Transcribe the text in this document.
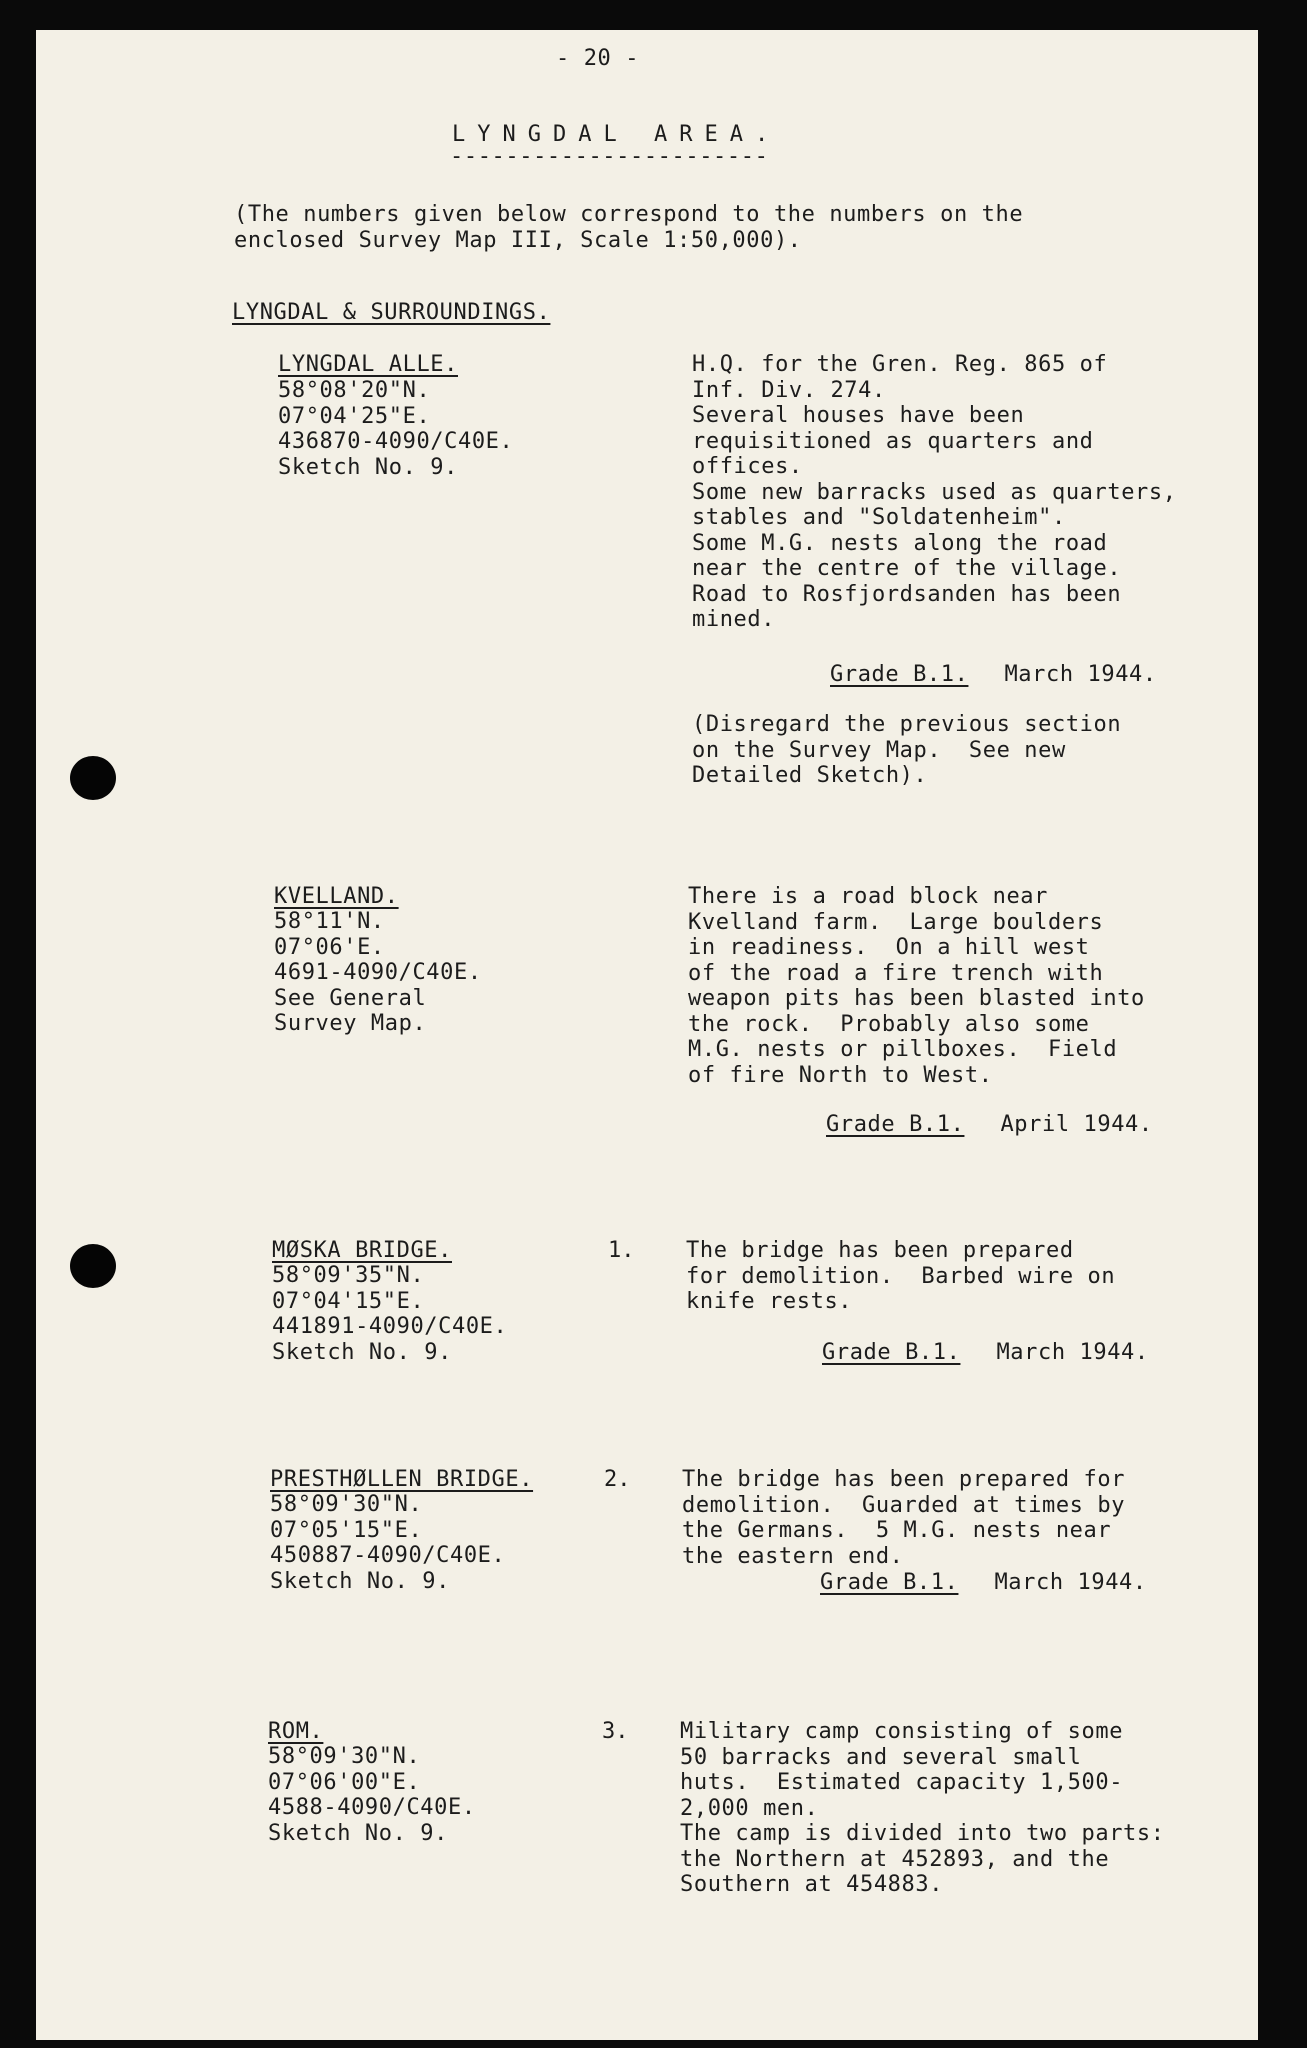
- 20 -
LYNGDAL AREA.
-----------------------
(The numbers given below correspond to the numbers on the
enclosed Survey Map III, Scale 1:50,000).
LYNGDAL & SURROUNDINGS.
LYNGDAL ALLE.
58°08'20"N.
07°04'25"E.
436870-4090/C40E.
Sketch No. 9.
H.Q. for the Gren. Reg. 865 of
Inf. Div. 274.
Several houses have been
requisitioned as quarters and
offices.
Some new barracks used as quarters,
stables and "Soldatenheim".
Some M.G. nests along the road
near the centre of the village.
Road to Rosfjordsanden has been
mined.
Grade B.1. March 1944.
(Disregard the previous section
on the Survey Map.  See new
Detailed Sketch).
KVELLAND.
58°11'N.
07°06'E.
4691-4090/C40E.
See General
Survey Map.
There is a road block near
Kvelland farm.  Large boulders
in readiness.  On a hill west
of the road a fire trench with
weapon pits has been blasted into
the rock.  Probably also some
M.G. nests or pillboxes.  Field
of fire North to West.
Grade B.1. April 1944.
MØSKA BRIDGE.
58°09'35"N.
07°04'15"E.
441891-4090/C40E.
Sketch No. 9.
1. The bridge has been prepared
for demolition.  Barbed wire on
knife rests.
Grade B.1. March 1944.
PRESTHØLLEN BRIDGE.
58°09'30"N.
07°05'15"E.
450887-4090/C40E.
Sketch No. 9.
2. The bridge has been prepared for
demolition.  Guarded at times by
the Germans.  5 M.G. nests near
the eastern end.
Grade B.1. March 1944.
ROM.
58°09'30"N.
07°06'00"E.
4588-4090/C40E.
Sketch No. 9.
3. Military camp consisting of some
50 barracks and several small
huts.  Estimated capacity 1,500-
2,000 men.
The camp is divided into two parts:
the Northern at 452893, and the
Southern at 454883.
